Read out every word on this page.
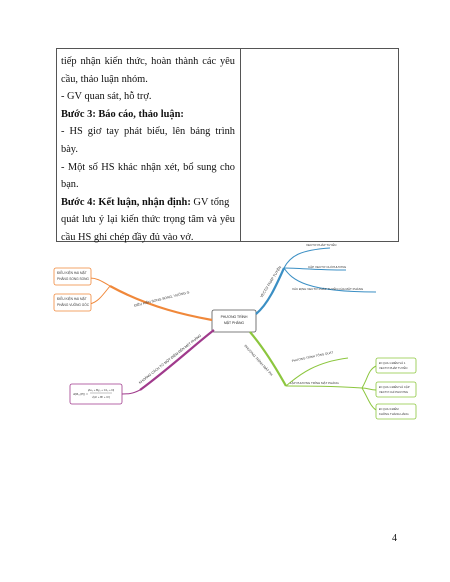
tiếp nhận kiến thức, hoàn thành các yêu
cầu, thảo luận nhóm.
- GV quan sát, hỗ trợ.
Bước 3: Báo cáo, thảo luận:
- HS giơ tay phát biểu, lên bảng trình
bày.
- Một số HS khác nhận xét, bổ sung cho
bạn.
Bước 4: Kết luận, nhận định: GV tổng
quát lưu ý lại kiến thức trọng tâm và yêu
cầu HS ghi chép đầy đủ vào vở.
PHƯƠNG TRÌNH
MẶT PHẲNG
ĐIỀU KIỆN SONG SONG, VUÔNG G
ĐIỀU KIỆN HAI MẶT
PHẲNG SONG SONG
ĐIỀU KIỆN HAI MẶT
PHẲNG VUÔNG GÓC
VECTƠ PHÁP TUYẾN
VECTƠ PHÁP TUYẾN
CẶP VECTƠ CHỈ PHƯƠNG
XÁC ĐỊNH VECTƠ PHÁP TUYẾN CỦA MẶT PHẲNG
KHOẢNG CÁCH TỪ MỘT ĐIỂM ĐẾN MẶT PHẲNG
d(M₀,(P)) =
|Ax₀ + By₀ + Cz₀ + D|
√(A² + B² + C²)
PHƯƠNG TRÌNH MẶT PH	PHƯƠNG TRÌNH TỔNG QUÁT
LẬP PHƯƠNG TRÌNH MẶT PHẲNG
ĐI QUA 1 ĐIỂM VÀ 1
VECTƠ PHÁP TUYẾN
ĐI QUA 1 ĐIỂM VÀ CẶP
VECTƠ CHỈ PHƯƠNG
ĐI QUA 3 ĐIỂM
KHÔNG THẲNG HÀNG
4
